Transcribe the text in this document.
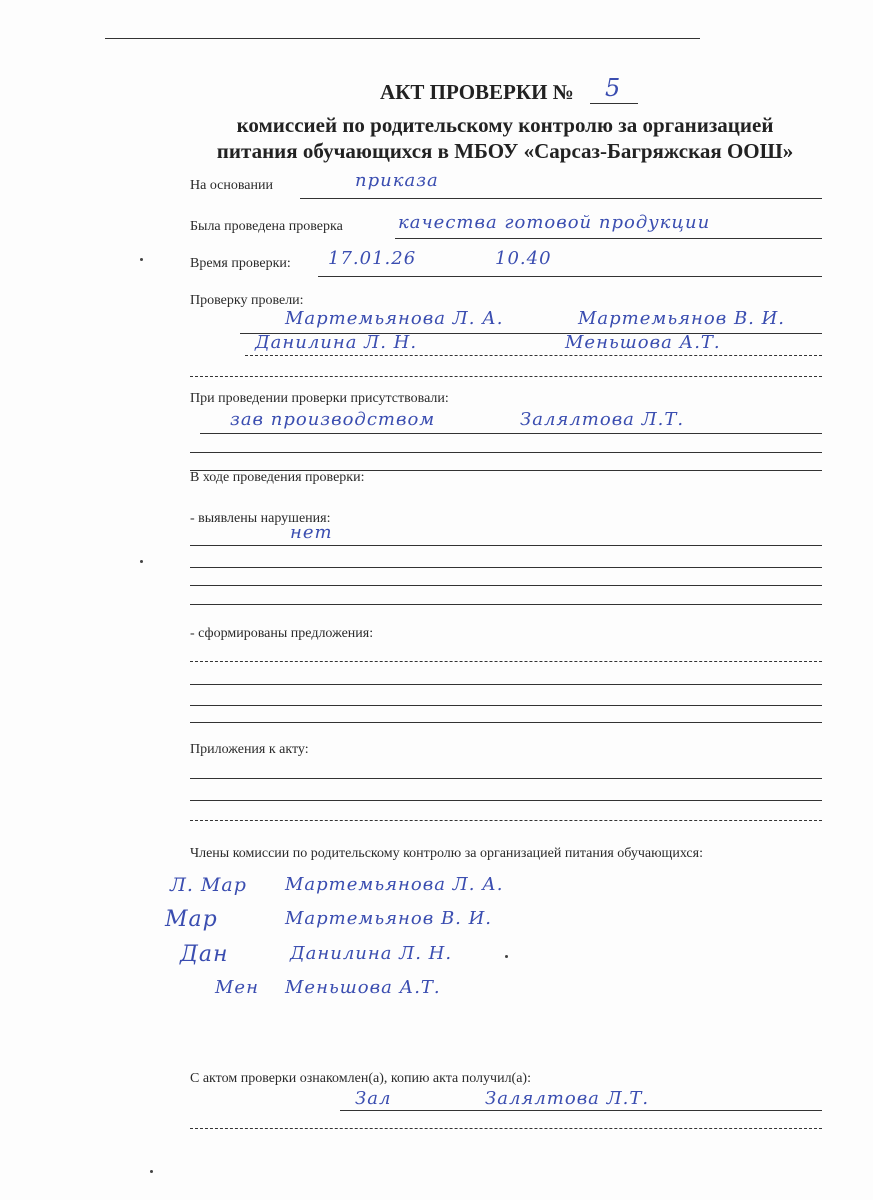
АКТ ПРОВЕРКИ № 5
комиссией по родительскому контролю за организацией
питания обучающихся в МБОУ «Сарсаз-Багряжская ООШ»
На основании	приказа
Была проведена проверка	качества готовой продукции
Время проверки: 17.01.26	10.40
Проверку провели:
Мартемьянова Л. А.	Мартемьянов В. И.
Данилина Л. Н.	Меньшова А.Т.
При проведении проверки присутствовали:
зав производством	Залялтова Л.Т.
В ходе проведения проверки:
- выявлены нарушения:
нет
- сформированы предложения:
Приложения к акту:
Члены комиссии по родительскому контролю за организацией питания обучающихся:
Л. Мар Мартемьянова Л. А.
Мар	Мартемьянов В. И.
Дан	Данилина Л. Н.
Мен Меньшова А.Т.
С актом проверки ознакомлен(а), копию акта получил(а):
Зал	Залялтова Л.Т.
